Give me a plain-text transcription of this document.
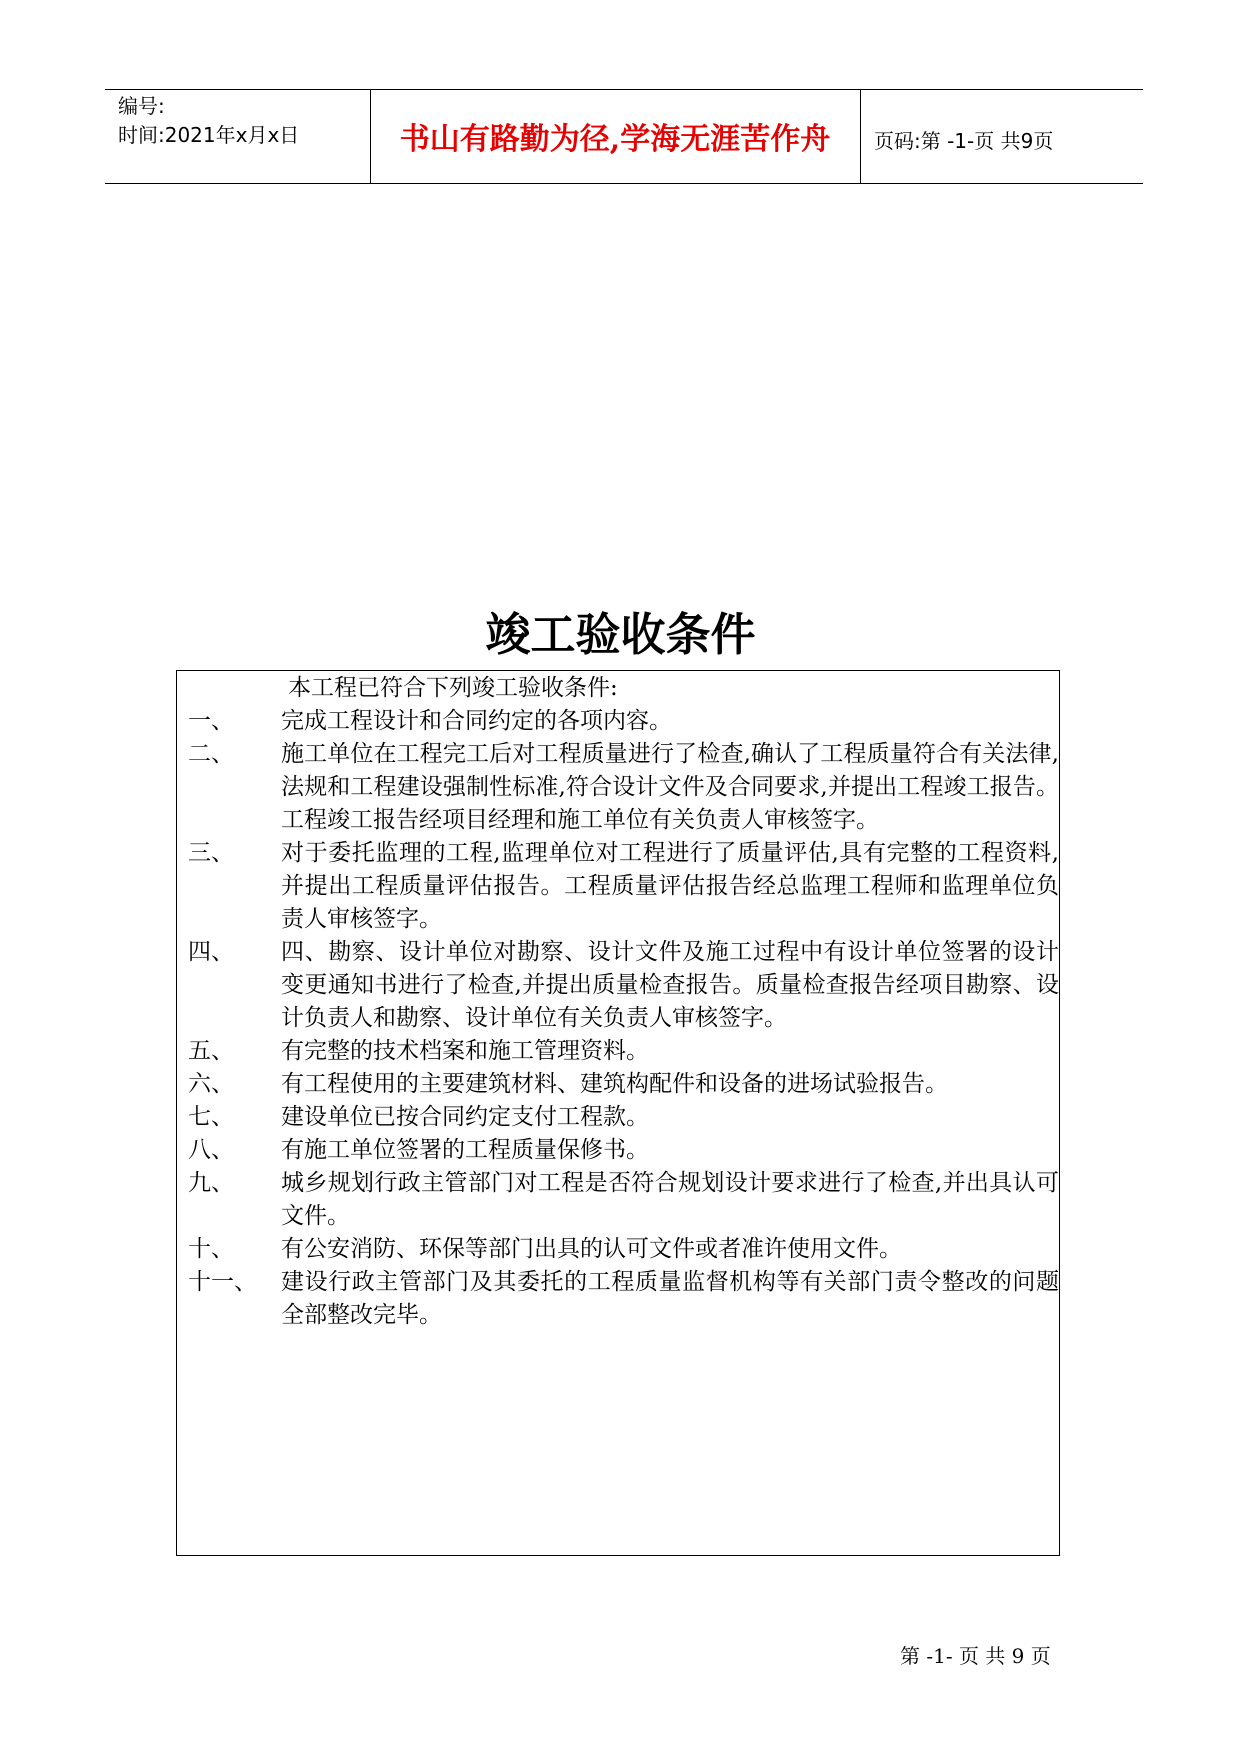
编号:
时间:2021年x月x日	书山有路勤为径,学海无涯苦作舟	页码:第 -1-页 共9页
竣工验收条件
本工程已符合下列竣工验收条件:
一、	完成工程设计和合同约定的各项内容。
二、	施工单位在工程完工后对工程质量进行了检查,确认了工程质量符合有关法律,法规和工程建设强制性标准,符合设计文件及合同要求,并提出工程竣工报告。工程竣工报告经项目经理和施工单位有关负责人审核签字。
三、	对于委托监理的工程,监理单位对工程进行了质量评估,具有完整的工程资料,并提出工程质量评估报告。工程质量评估报告经总监理工程师和监理单位负责人审核签字。
四、	四、勘察、设计单位对勘察、设计文件及施工过程中有设计单位签署的设计变更通知书进行了检查,并提出质量检查报告。质量检查报告经项目勘察、设计负责人和勘察、设计单位有关负责人审核签字。
五、	有完整的技术档案和施工管理资料。
六、	有工程使用的主要建筑材料、建筑构配件和设备的进场试验报告。
七、	建设单位已按合同约定支付工程款。
八、	有施工单位签署的工程质量保修书。
九、	城乡规划行政主管部门对工程是否符合规划设计要求进行了检查,并出具认可文件。
十、	有公安消防、环保等部门出具的认可文件或者准许使用文件。
十一、	建设行政主管部门及其委托的工程质量监督机构等有关部门责令整改的问题全部整改完毕。
第 -1- 页 共 9 页
